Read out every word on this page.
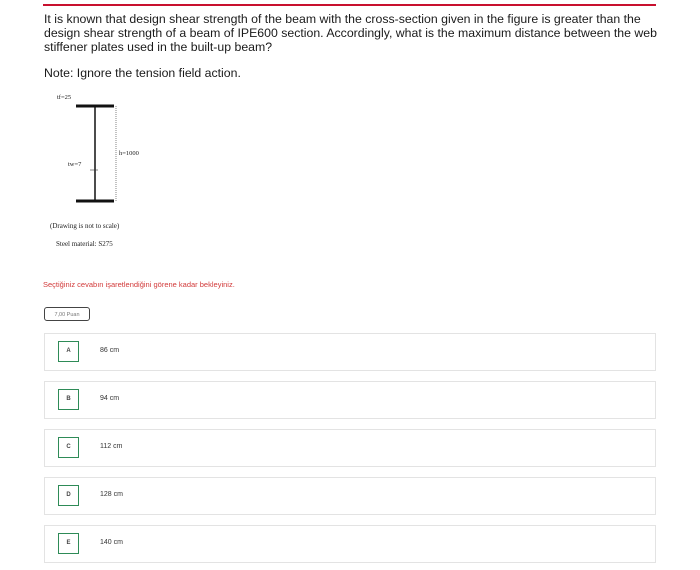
It is known that design shear strength of the beam with the cross-section given in the figure is greater than the design shear strength of a beam of IPE600 section. Accordingly, what is the maximum distance between the web stiffener plates used in the built-up beam?

Note: Ignore the tension field action.

tf=25
h=1000
tw=7
(Drawing is not to scale)
Steel material: S275
Seçtiğiniz cevabın işaretlendiğini görene kadar bekleyiniz.
7,00 Puan
A	86 cm
B	94 cm
C	112 cm
D	128 cm
E	140 cm
